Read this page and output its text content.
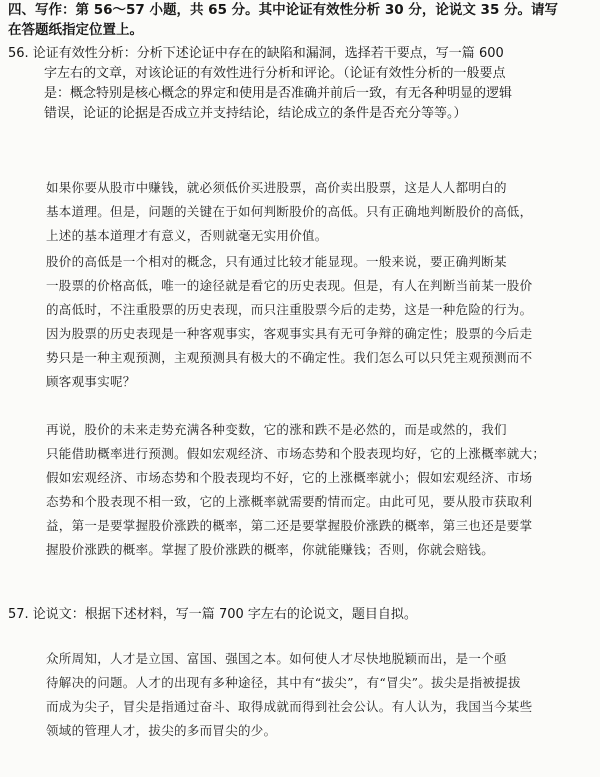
四、写作：第 56～57 小题，共 65 分。其中论证有效性分析 30 分，论说文 35 分。请写
在答题纸指定位置上。
56. 论证有效性分析：分析下述论证中存在的缺陷和漏洞，选择若干要点，写一篇 600
字左右的文章，对该论证的有效性进行分析和评论。（论证有效性分析的一般要点
是：概念特别是核心概念的界定和使用是否准确并前后一致，有无各种明显的逻辑
错误，论证的论据是否成立并支持结论，结论成立的条件是否充分等等。）
如果你要从股市中赚钱，就必须低价买进股票，高价卖出股票，这是人人都明白的
基本道理。但是，问题的关键在于如何判断股价的高低。只有正确地判断股价的高低，
上述的基本道理才有意义，否则就毫无实用价值。
股价的高低是一个相对的概念，只有通过比较才能显现。一般来说，要正确判断某
一股票的价格高低，唯一的途径就是看它的历史表现。但是，有人在判断当前某一股价
的高低时，不注重股票的历史表现，而只注重股票今后的走势，这是一种危险的行为。
因为股票的历史表现是一种客观事实，客观事实具有无可争辩的确定性；股票的今后走
势只是一种主观预测，主观预测具有极大的不确定性。我们怎么可以只凭主观预测而不
顾客观事实呢？
再说，股价的未来走势充满各种变数，它的涨和跌不是必然的，而是或然的，我们
只能借助概率进行预测。假如宏观经济、市场态势和个股表现均好，它的上涨概率就大；
假如宏观经济、市场态势和个股表现均不好，它的上涨概率就小；假如宏观经济、市场
态势和个股表现不相一致，它的上涨概率就需要酌情而定。由此可见，要从股市获取利
益，第一是要掌握股价涨跌的概率，第二还是要掌握股价涨跌的概率，第三也还是要掌
握股价涨跌的概率。掌握了股价涨跌的概率，你就能赚钱；否则，你就会赔钱。
57. 论说文：根据下述材料，写一篇 700 字左右的论说文，题目自拟。
众所周知，人才是立国、富国、强国之本。如何使人才尽快地脱颖而出，是一个亟
待解决的问题。人才的出现有多种途径，其中有“拔尖”，有“冒尖”。拔尖是指被提拔
而成为尖子，冒尖是指通过奋斗、取得成就而得到社会公认。有人认为，我国当今某些
领域的管理人才，拔尖的多而冒尖的少。
